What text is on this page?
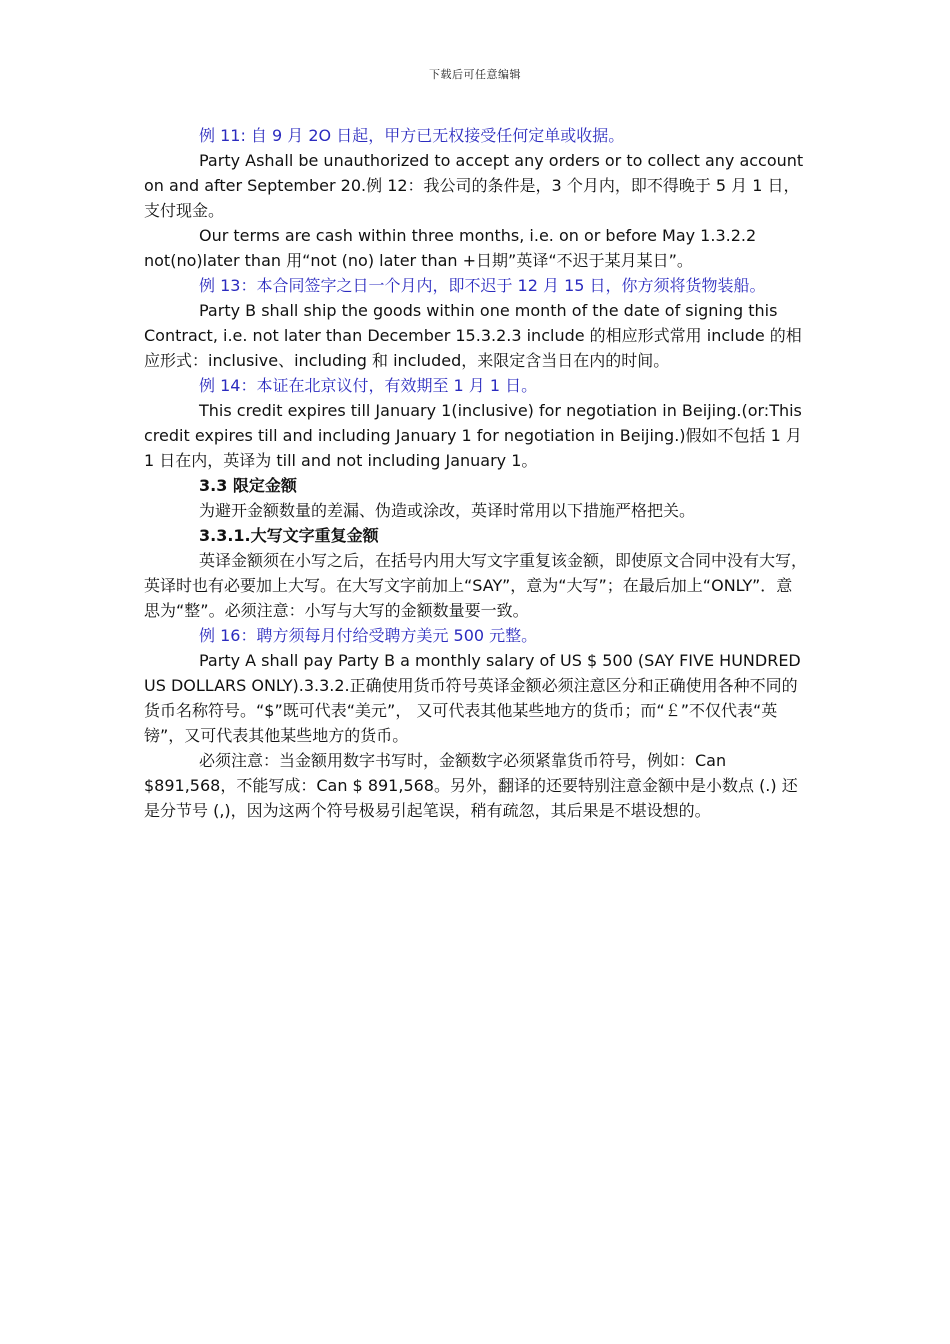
下载后可任意编辑

例 11: 自 9 月 2O 日起，甲方已无权接受任何定单或收据。

Party Ashall be unauthorized to accept any orders or to collect any account on and after September 20.例 12：我公司的条件是，3 个月内，即不得晚于 5 月 1 日，支付现金。

Our terms are cash within three months, i.e. on or before May 1.3.2.2 not(no)later than 用“not (no) later than +日期”英译“不迟于某月某日”。

例 13：本合同签字之日一个月内，即不迟于 12 月 15 日，你方须将货物装船。

Party B shall ship the goods within one month of the date of signing this Contract, i.e. not later than December 15.3.2.3 include 的相应形式常用 include 的相应形式：inclusive、including 和 included，来限定含当日在内的时间。

例 14：本证在北京议付，有效期至 1 月 1 日。

This credit expires till January 1(inclusive) for negotiation in Beijing.(or:This credit expires till and including January 1 for negotiation in Beijing.)假如不包括 1 月 1 日在内，英译为 till and not including January 1。

3.3 限定金额

为避开金额数量的差漏、伪造或涂改，英译时常用以下措施严格把关。

3.3.1.大写文字重复金额

英译金额须在小写之后，在括号内用大写文字重复该金额，即使原文合同中没有大写，英译时也有必要加上大写。在大写文字前加上“SAY”，意为“大写”；在最后加上“ONLY”．意思为“整”。必须注意：小写与大写的金额数量要一致。

例 16：聘方须每月付给受聘方美元 500 元整。

Party A shall pay Party B a monthly salary of US $ 500 (SAY FIVE HUNDRED US DOLLARS ONLY).3.3.2.正确使用货币符号英译金额必须注意区分和正确使用各种不同的货币名称符号。“$”既可代表“美元”， 又可代表其他某些地方的货币；而“￡”不仅代表“英镑”，又可代表其他某些地方的货币。

必须注意：当金额用数字书写时，金额数字必须紧靠货币符号，例如：Can $891,568，不能写成：Can $ 891,568。另外，翻译的还要特别注意金额中是小数点 (.) 还是分节号 (,)，因为这两个符号极易引起笔误，稍有疏忽，其后果是不堪设想的。
